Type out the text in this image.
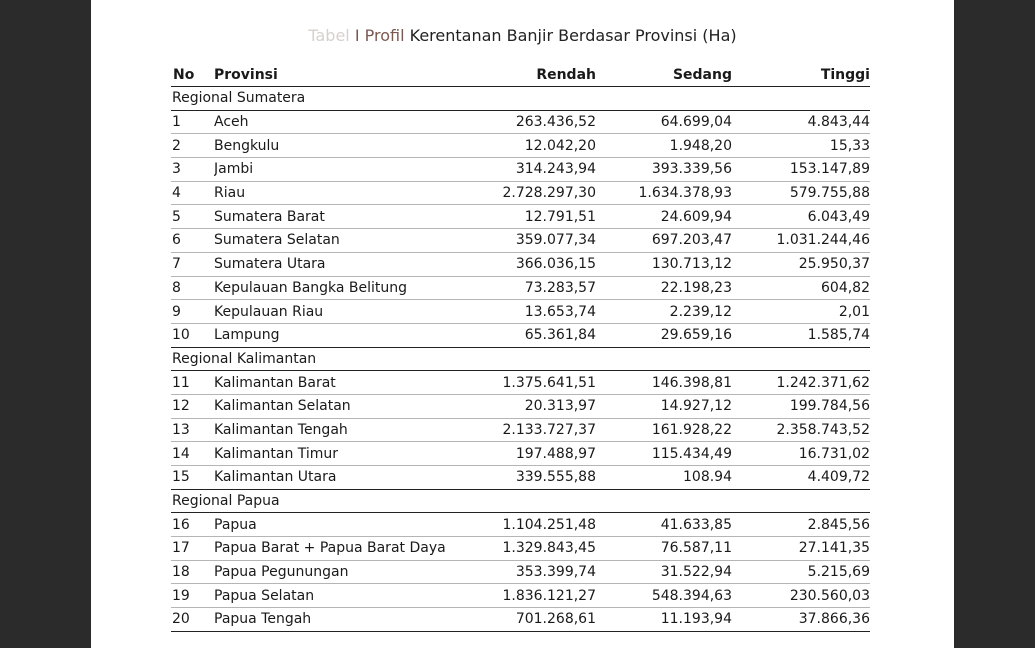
Tabel I Profil Kerentanan Banjir Berdasar Provinsi (Ha)
No	Provinsi	Rendah	Sedang	Tinggi
Regional Sumatera				
1	Aceh	263.436,52	64.699,04	4.843,44
2	Bengkulu	12.042,20	1.948,20	15,33
3	Jambi	314.243,94	393.339,56	153.147,89
4	Riau	2.728.297,30	1.634.378,93	579.755,88
5	Sumatera Barat	12.791,51	24.609,94	6.043,49
6	Sumatera Selatan	359.077,34	697.203,47	1.031.244,46
7	Sumatera Utara	366.036,15	130.713,12	25.950,37
8	Kepulauan Bangka Belitung	73.283,57	22.198,23	604,82
9	Kepulauan Riau	13.653,74	2.239,12	2,01
10	Lampung	65.361,84	29.659,16	1.585,74
Regional Kalimantan				
11	Kalimantan Barat	1.375.641,51	146.398,81	1.242.371,62
12	Kalimantan Selatan	20.313,97	14.927,12	199.784,56
13	Kalimantan Tengah	2.133.727,37	161.928,22	2.358.743,52
14	Kalimantan Timur	197.488,97	115.434,49	16.731,02
15	Kalimantan Utara	339.555,88	108.94	4.409,72
Regional Papua				
16	Papua	1.104.251,48	41.633,85	2.845,56
17	Papua Barat + Papua Barat Daya	1.329.843,45	76.587,11	27.141,35
18	Papua Pegunungan	353.399,74	31.522,94	5.215,69
19	Papua Selatan	1.836.121,27	548.394,63	230.560,03
20	Papua Tengah	701.268,61	11.193,94	37.866,36
